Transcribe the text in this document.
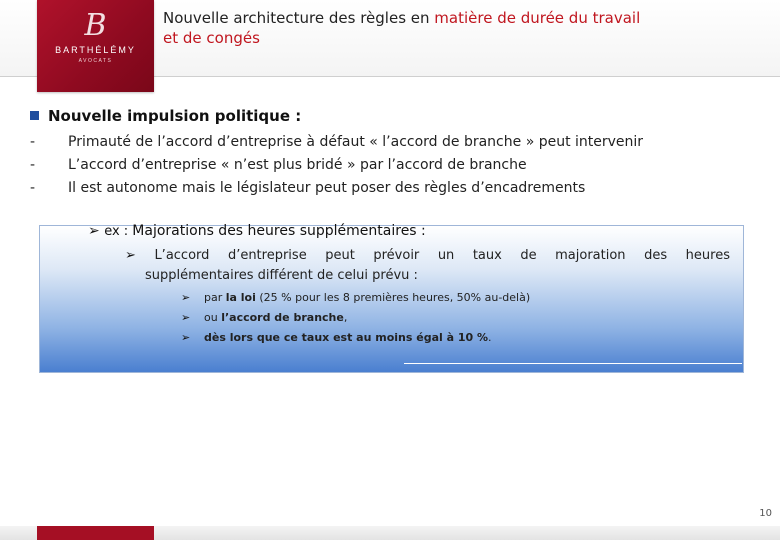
Nouvelle architecture des règles en matière de durée du travail
et de congés
B
BARTHÉLÉMY
AVOCATS
Nouvelle impulsion politique :
- Primauté de l’accord d’entreprise à défaut « l’accord de branche » peut intervenir
- L’accord d’entreprise « n’est plus bridé » par l’accord de branche
- Il est autonome mais le législateur peut poser des règles d’encadrements
➢ ex : Majorations des heures supplémentaires :
➢ L’accord d’entreprise peut prévoir un taux de majoration des heures
supplémentaires différent de celui prévu :
➢ par la loi (25 % pour les 8 premières heures, 50% au-delà)
➢ ou l’accord de branche,
➢ dès lors que ce taux est au moins égal à 10 %.
10
